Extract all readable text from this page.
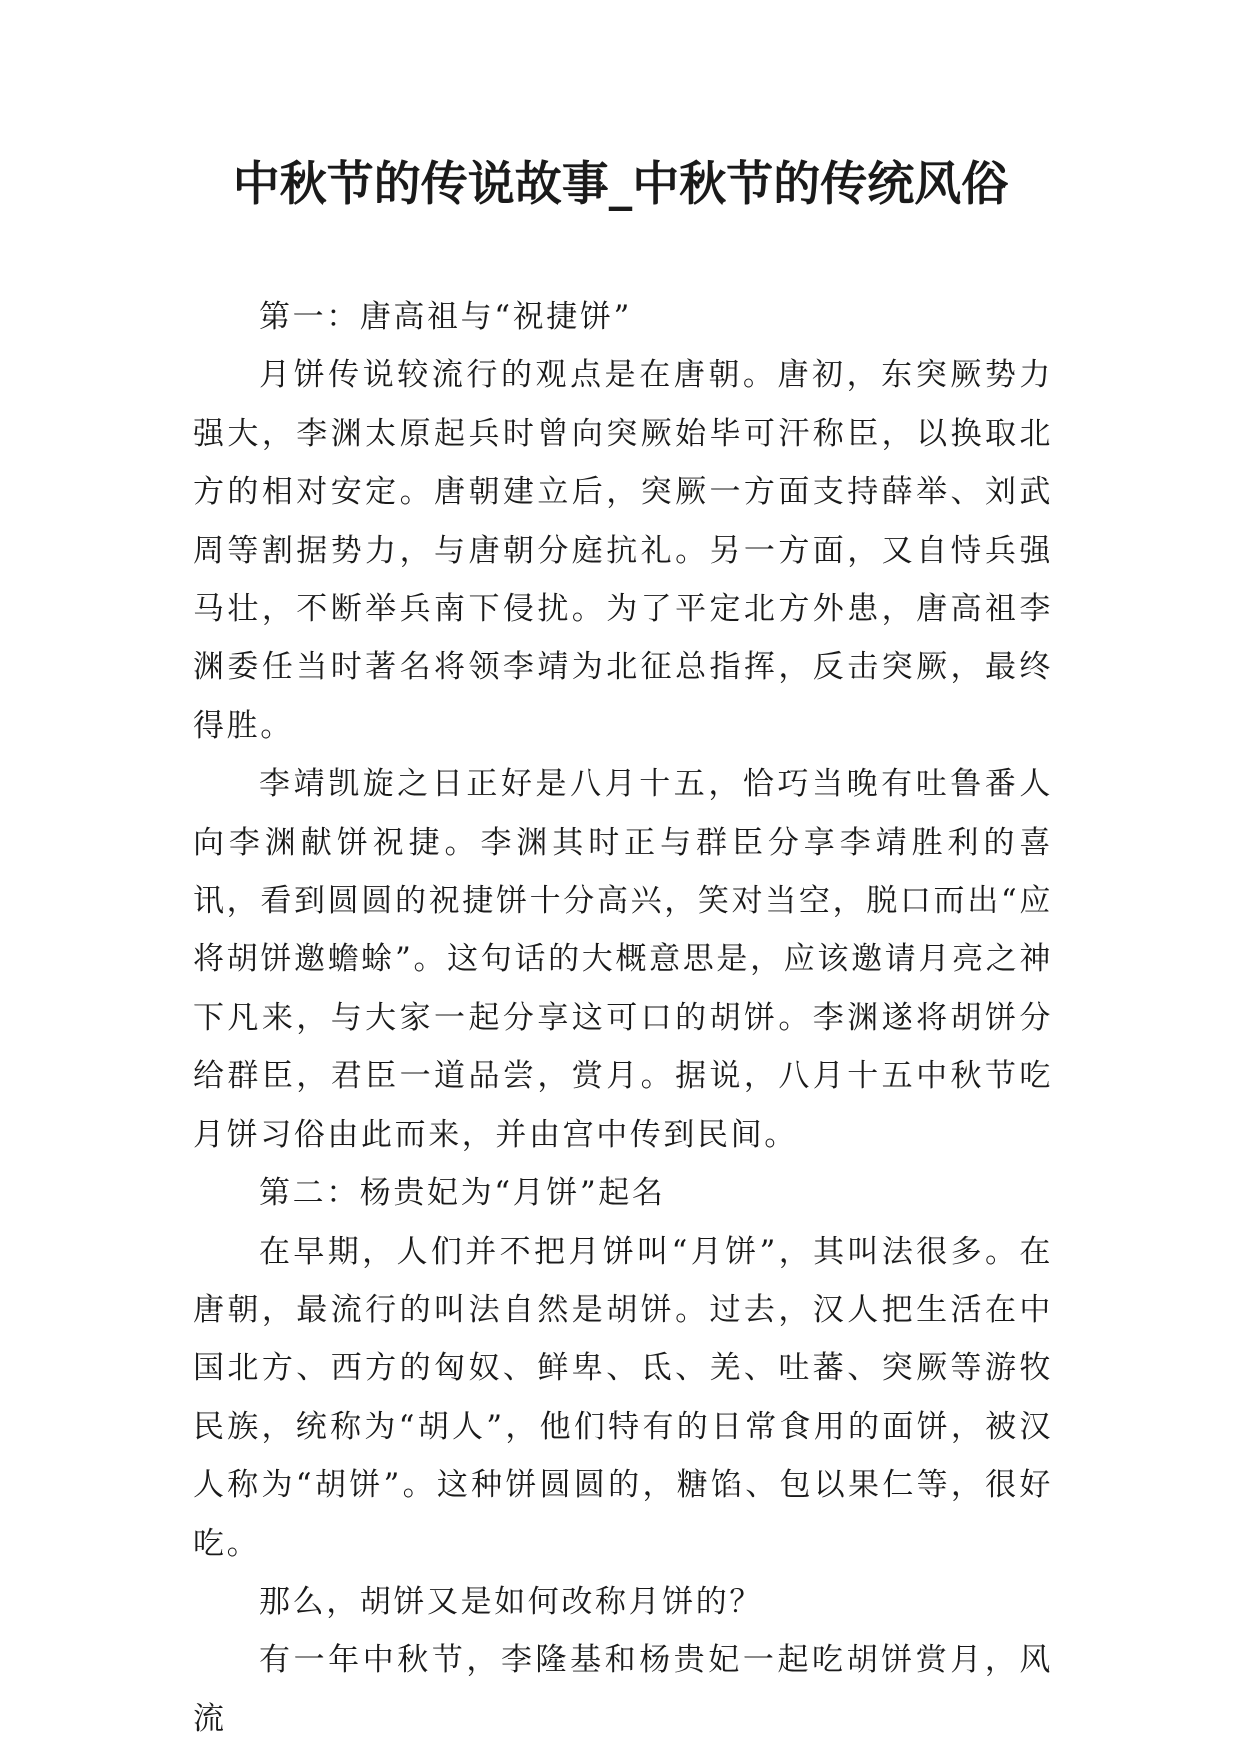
中秋节的传说故事_中秋节的传统风俗

第一：唐高祖与“祝捷饼”

月饼传说较流行的观点是在唐朝。唐初，东突厥势力强大，李渊太原起兵时曾向突厥始毕可汗称臣，以换取北方的相对安定。唐朝建立后，突厥一方面支持薛举、刘武周等割据势力，与唐朝分庭抗礼。另一方面，又自恃兵强马壮，不断举兵南下侵扰。为了平定北方外患，唐高祖李渊委任当时著名将领李靖为北征总指挥，反击突厥，最终得胜。

李靖凯旋之日正好是八月十五，恰巧当晚有吐鲁番人向李渊献饼祝捷。李渊其时正与群臣分享李靖胜利的喜讯，看到圆圆的祝捷饼十分高兴，笑对当空，脱口而出“应将胡饼邀蟾蜍”。这句话的大概意思是，应该邀请月亮之神下凡来，与大家一起分享这可口的胡饼。李渊遂将胡饼分给群臣，君臣一道品尝，赏月。据说，八月十五中秋节吃月饼习俗由此而来，并由宫中传到民间。

第二：杨贵妃为“月饼”起名

在早期，人们并不把月饼叫“月饼”，其叫法很多。在唐朝，最流行的叫法自然是胡饼。过去，汉人把生活在中国北方、西方的匈奴、鲜卑、氐、羌、吐蕃、突厥等游牧民族，统称为“胡人”，他们特有的日常食用的面饼，被汉人称为“胡饼”。这种饼圆圆的，糖馅、包以果仁等，很好吃。

那么，胡饼又是如何改称月饼的？

有一年中秋节，李隆基和杨贵妃一起吃胡饼赏月，风流
